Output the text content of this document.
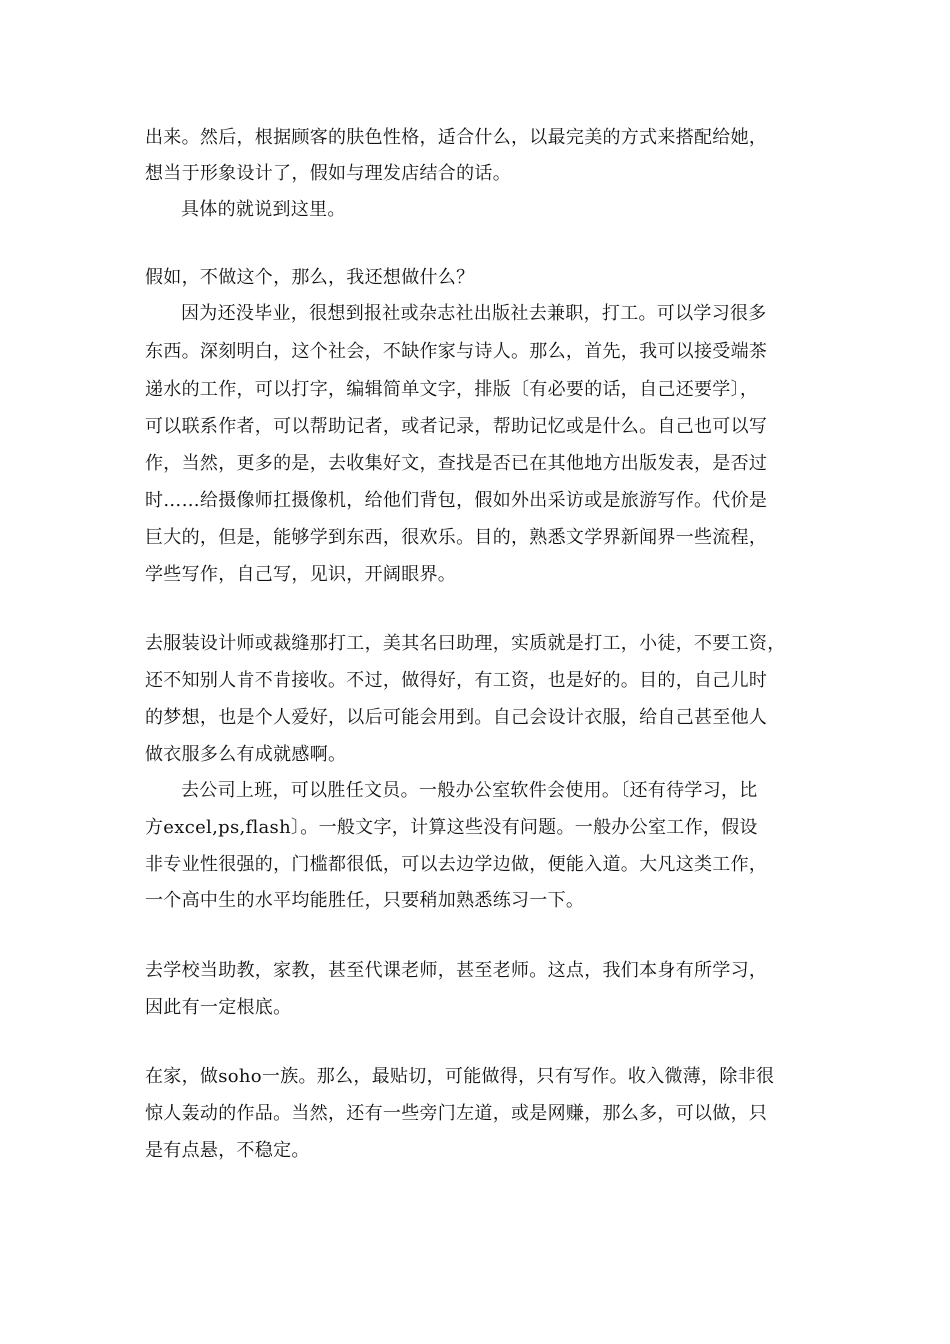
出来。然后，根据顾客的肤色性格，适合什么，以最完美的方式来搭配给她，
想当于形象设计了，假如与理发店结合的话。
具体的就说到这里。
假如，不做这个，那么，我还想做什么？
因为还没毕业，很想到报社或杂志社出版社去兼职，打工。可以学习很多
东西。深刻明白，这个社会，不缺作家与诗人。那么，首先，我可以接受端茶
递水的工作，可以打字，编辑简单文字，排版〔有必要的话，自己还要学〕，
可以联系作者，可以帮助记者，或者记录，帮助记忆或是什么。自己也可以写
作，当然，更多的是，去收集好文，查找是否已在其他地方出版发表，是否过
时……给摄像师扛摄像机，给他们背包，假如外出采访或是旅游写作。代价是
巨大的，但是，能够学到东西，很欢乐。目的，熟悉文学界新闻界一些流程，
学些写作，自己写，见识，开阔眼界。
去服装设计师或裁缝那打工，美其名曰助理，实质就是打工，小徒，不要工资，
还不知别人肯不肯接收。不过，做得好，有工资，也是好的。目的，自己儿时
的梦想，也是个人爱好，以后可能会用到。自己会设计衣服，给自己甚至他人
做衣服多么有成就感啊。
去公司上班，可以胜任文员。一般办公室软件会使用。〔还有待学习，比
方excel,ps,flash〕。一般文字，计算这些没有问题。一般办公室工作，假设
非专业性很强的，门槛都很低，可以去边学边做，便能入道。大凡这类工作，
一个高中生的水平均能胜任，只要稍加熟悉练习一下。
去学校当助教，家教，甚至代课老师，甚至老师。这点，我们本身有所学习，
因此有一定根底。
在家，做soho一族。那么，最贴切，可能做得，只有写作。收入微薄，除非很
惊人轰动的作品。当然，还有一些旁门左道，或是网赚，那么多，可以做，只
是有点悬，不稳定。
